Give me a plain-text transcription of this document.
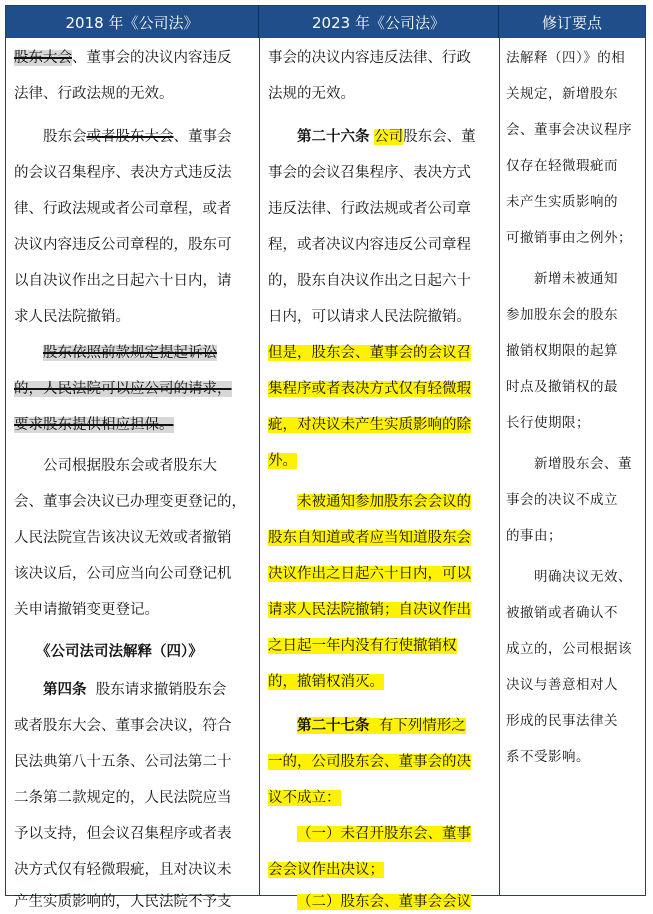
2018 年《公司法》	2023 年《公司法》	修订要点
股东大会、董事会的决议内容违反
法律、行政法规的无效。
股东会或者股东大会、董事会
的会议召集程序、表决方式违反法
律、行政法规或者公司章程，或者
决议内容违反公司章程的，股东可
以自决议作出之日起六十日内，请
求人民法院撤销。
股东依照前款规定提起诉讼
的，人民法院可以应公司的请求，
要求股东提供相应担保。
公司根据股东会或者股东大
会、董事会决议已办理变更登记的，
人民法院宣告该决议无效或者撤销
该决议后，公司应当向公司登记机
关申请撤销变更登记。
《公司法司法解释（四）》
第四条 股东请求撤销股东会
或者股东大会、董事会决议，符合
民法典第八十五条、公司法第二十
二条第二款规定的，人民法院应当
予以支持，但会议召集程序或者表
决方式仅有轻微瑕疵，且对决议未
产生实质影响的，人民法院不予支
事会的决议内容违反法律、行政
法规的无效。
第二十六条 公司股东会、董
事会的会议召集程序、表决方式
违反法律、行政法规或者公司章
程，或者决议内容违反公司章程
的，股东自决议作出之日起六十
日内，可以请求人民法院撤销。
但是，股东会、董事会的会议召
集程序或者表决方式仅有轻微瑕
疵，对决议未产生实质影响的除
外。
未被通知参加股东会会议的
股东自知道或者应当知道股东会
决议作出之日起六十日内，可以
请求人民法院撤销；自决议作出
之日起一年内没有行使撤销权
的，撤销权消灭。
第二十七条 有下列情形之
一的，公司股东会、董事会的决
议不成立：
（一）未召开股东会、董事
会会议作出决议；
（二）股东会、董事会会议
法解释（四）》的相
关规定，新增股东
会、董事会决议程序
仅存在轻微瑕疵而
未产生实质影响的
可撤销事由之例外；
新增未被通知
参加股东会的股东
撤销权期限的起算
时点及撤销权的最
长行使期限；
新增股东会、董
事会的决议不成立
的事由；
明确决议无效、
被撤销或者确认不
成立的，公司根据该
决议与善意相对人
形成的民事法律关
系不受影响。
